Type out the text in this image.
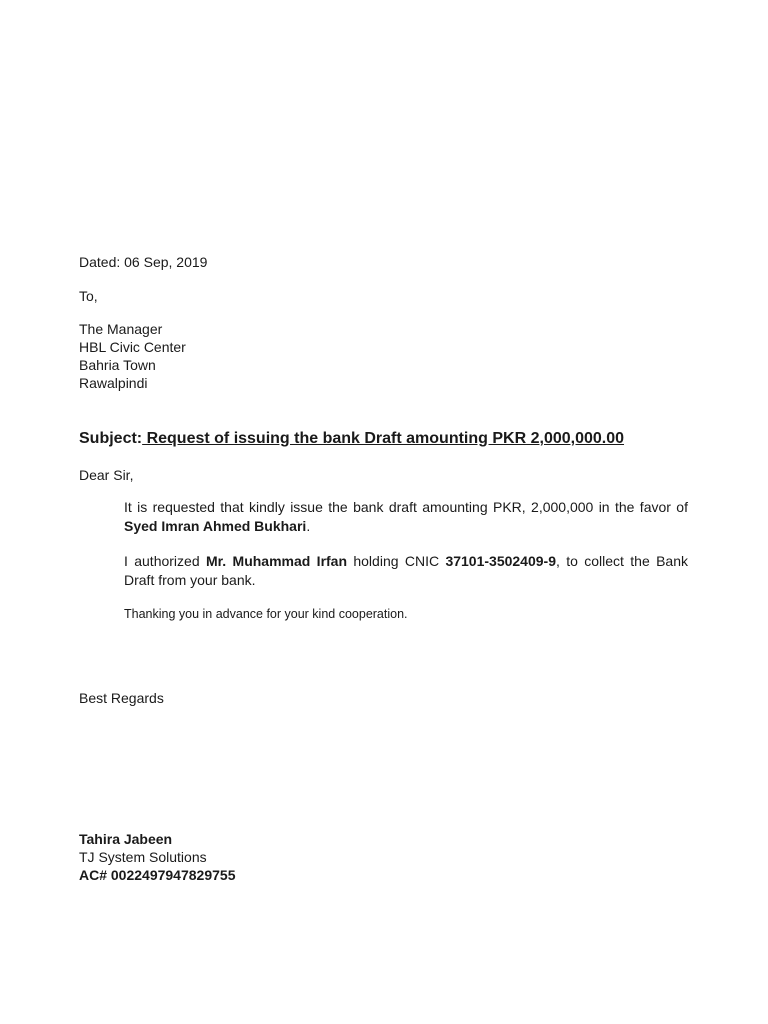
Dated: 06 Sep, 2019
To,
The Manager
HBL Civic Center
Bahria Town
Rawalpindi
Subject: Request of issuing the bank Draft amounting PKR 2,000,000.00
Dear Sir,
It is requested that kindly issue the bank draft amounting PKR, 2,000,000 in the favor of Syed Imran Ahmed Bukhari.
I authorized Mr. Muhammad Irfan holding CNIC 37101-3502409-9, to collect the Bank Draft from your bank.
Thanking you in advance for your kind cooperation.
Best Regards
Tahira Jabeen
TJ System Solutions
AC# 0022497947829755
